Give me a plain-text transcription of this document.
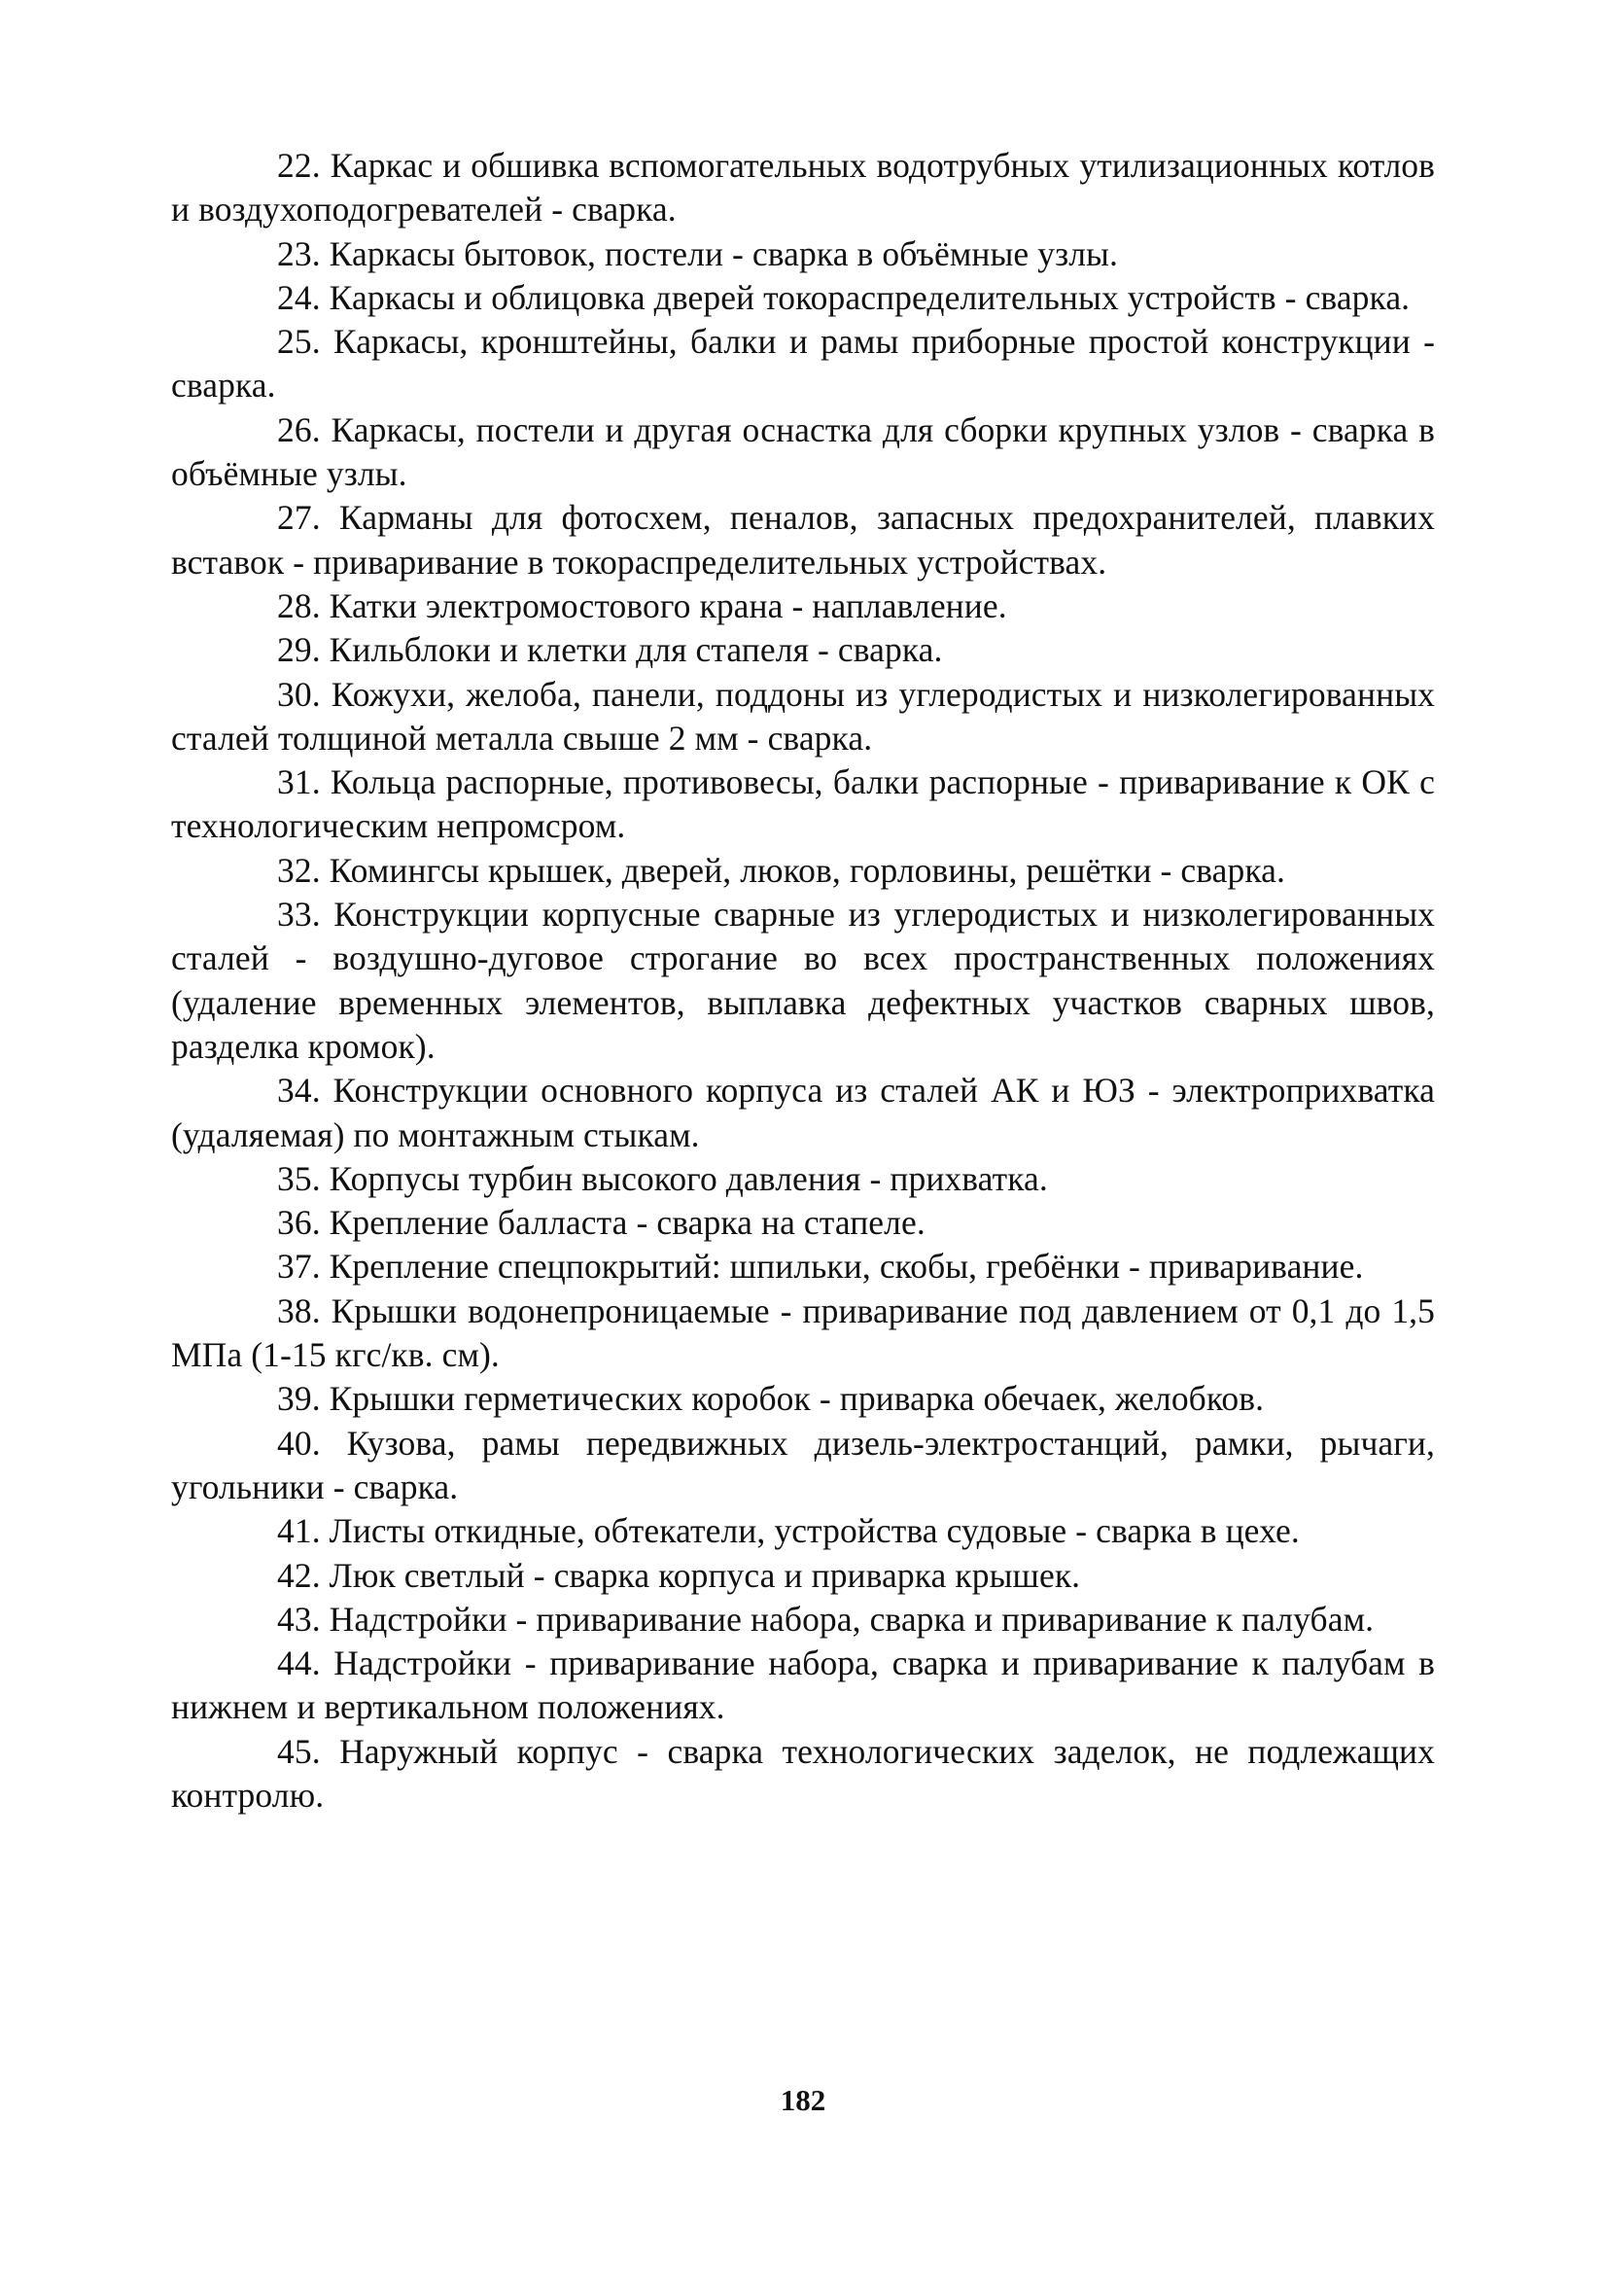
22. Каркас и обшивка вспомогательных водотрубных утилизационных котлов и воздухоподогревателей - сварка.

23. Каркасы бытовок, постели - сварка в объёмные узлы.

24. Каркасы и облицовка дверей токораспределительных устройств - сварка.

25. Каркасы, кронштейны, балки и рамы приборные простой конструкции - сварка.

26. Каркасы, постели и другая оснастка для сборки крупных узлов - сварка в объёмные узлы.

27. Карманы для фотосхем, пеналов, запасных предохранителей, плавких вставок - приваривание в токораспределительных устройствах.

28. Катки электромостового крана - наплавление.

29. Кильблоки и клетки для стапеля - сварка.

30. Кожухи, желоба, панели, поддоны из углеродистых и низколегированных сталей толщиной металла свыше 2 мм - сварка.

31. Кольца распорные, противовесы, балки распорные - приваривание к ОК с технологическим непромсром.

32. Комингсы крышек, дверей, люков, горловины, решётки - сварка.

33. Конструкции корпусные сварные из углеродистых и низколегированных сталей - воздушно-дуговое строгание во всех пространственных положениях (удаление временных элементов, выплавка дефектных участков сварных швов, разделка кромок).

34. Конструкции основного корпуса из сталей АК и ЮЗ - электроприхватка (удаляемая) по монтажным стыкам.

35. Корпусы турбин высокого давления - прихватка.

36. Крепление балласта - сварка на стапеле.

37. Крепление спецпокрытий: шпильки, скобы, гребёнки - приваривание.

38. Крышки водонепроницаемые - приваривание под давлением от 0,1 до 1,5 МПа (1-15 кгс/кв. см).

39. Крышки герметических коробок - приварка обечаек, желобков.

40. Кузова, рамы передвижных дизель-электростанций, рамки, рычаги, угольники - сварка.

41. Листы откидные, обтекатели, устройства судовые - сварка в цехе.

42. Люк светлый - сварка корпуса и приварка крышек.

43. Надстройки - приваривание набора, сварка и приваривание к палубам.

44. Надстройки - приваривание набора, сварка и приваривание к палубам в нижнем и вертикальном положениях.

45. Наружный корпус - сварка технологических заделок, не подлежащих контролю.

182
